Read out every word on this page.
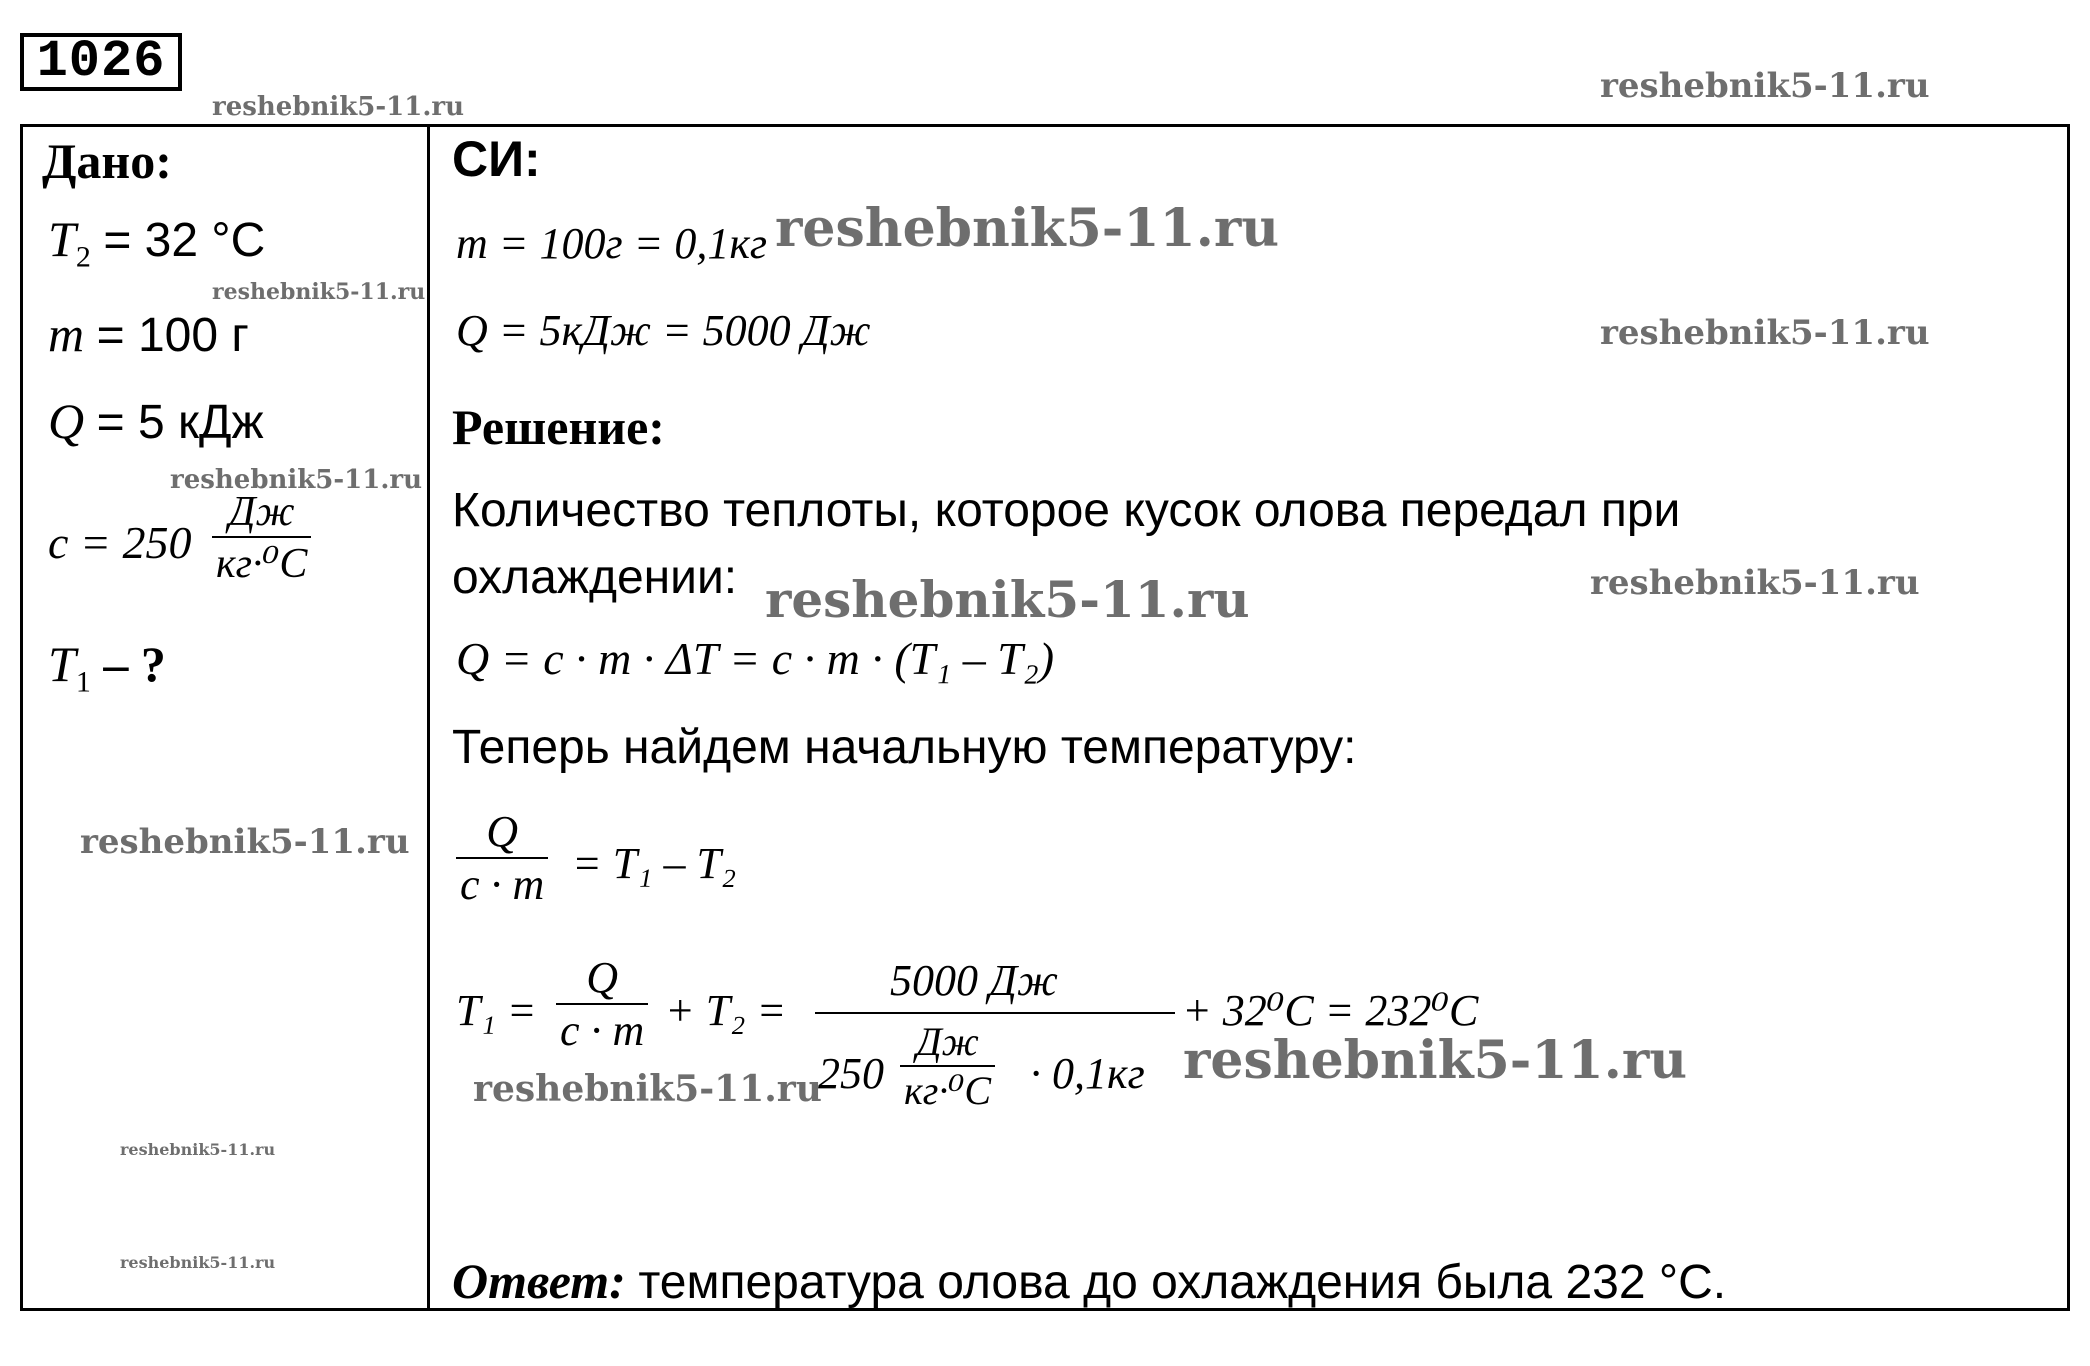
1026
reshebnik5-11.ru
reshebnik5-11.ru
reshebnik5-11.ru
reshebnik5-11.ru
reshebnik5-11.ru
reshebnik5-11.ru
reshebnik5-11.ru
reshebnik5-11.ru
reshebnik5-11.ru
reshebnik5-11.ru	reshebnik5-11.ru
reshebnik5-11.ru	reshebnik5-11.ru
Дано:
$T_2 = 32$ °C
m = 100 г
Q = 5 кДж
c = 250
Дж
кг·⁰C
$T_1$ – ?
СИ:
m = 100г = 0,1кг
Q = 5кДж = 5000 Дж
Решение:
Количество теплоты, которое кусок олова передал при
охлаждении:
Q = c · m · ΔT = c · m · (T₁ – T₂)
Теперь найдем начальную температуру:
Q
c · m = T₁ – T₂
T₁ =
Q
c · m + T₂ =
5000 Дж
250
Дж
кг·⁰C · 0,1кг
+ 32⁰C = 232⁰C
Ответ: температура олова до охлаждения была 232 °С.
